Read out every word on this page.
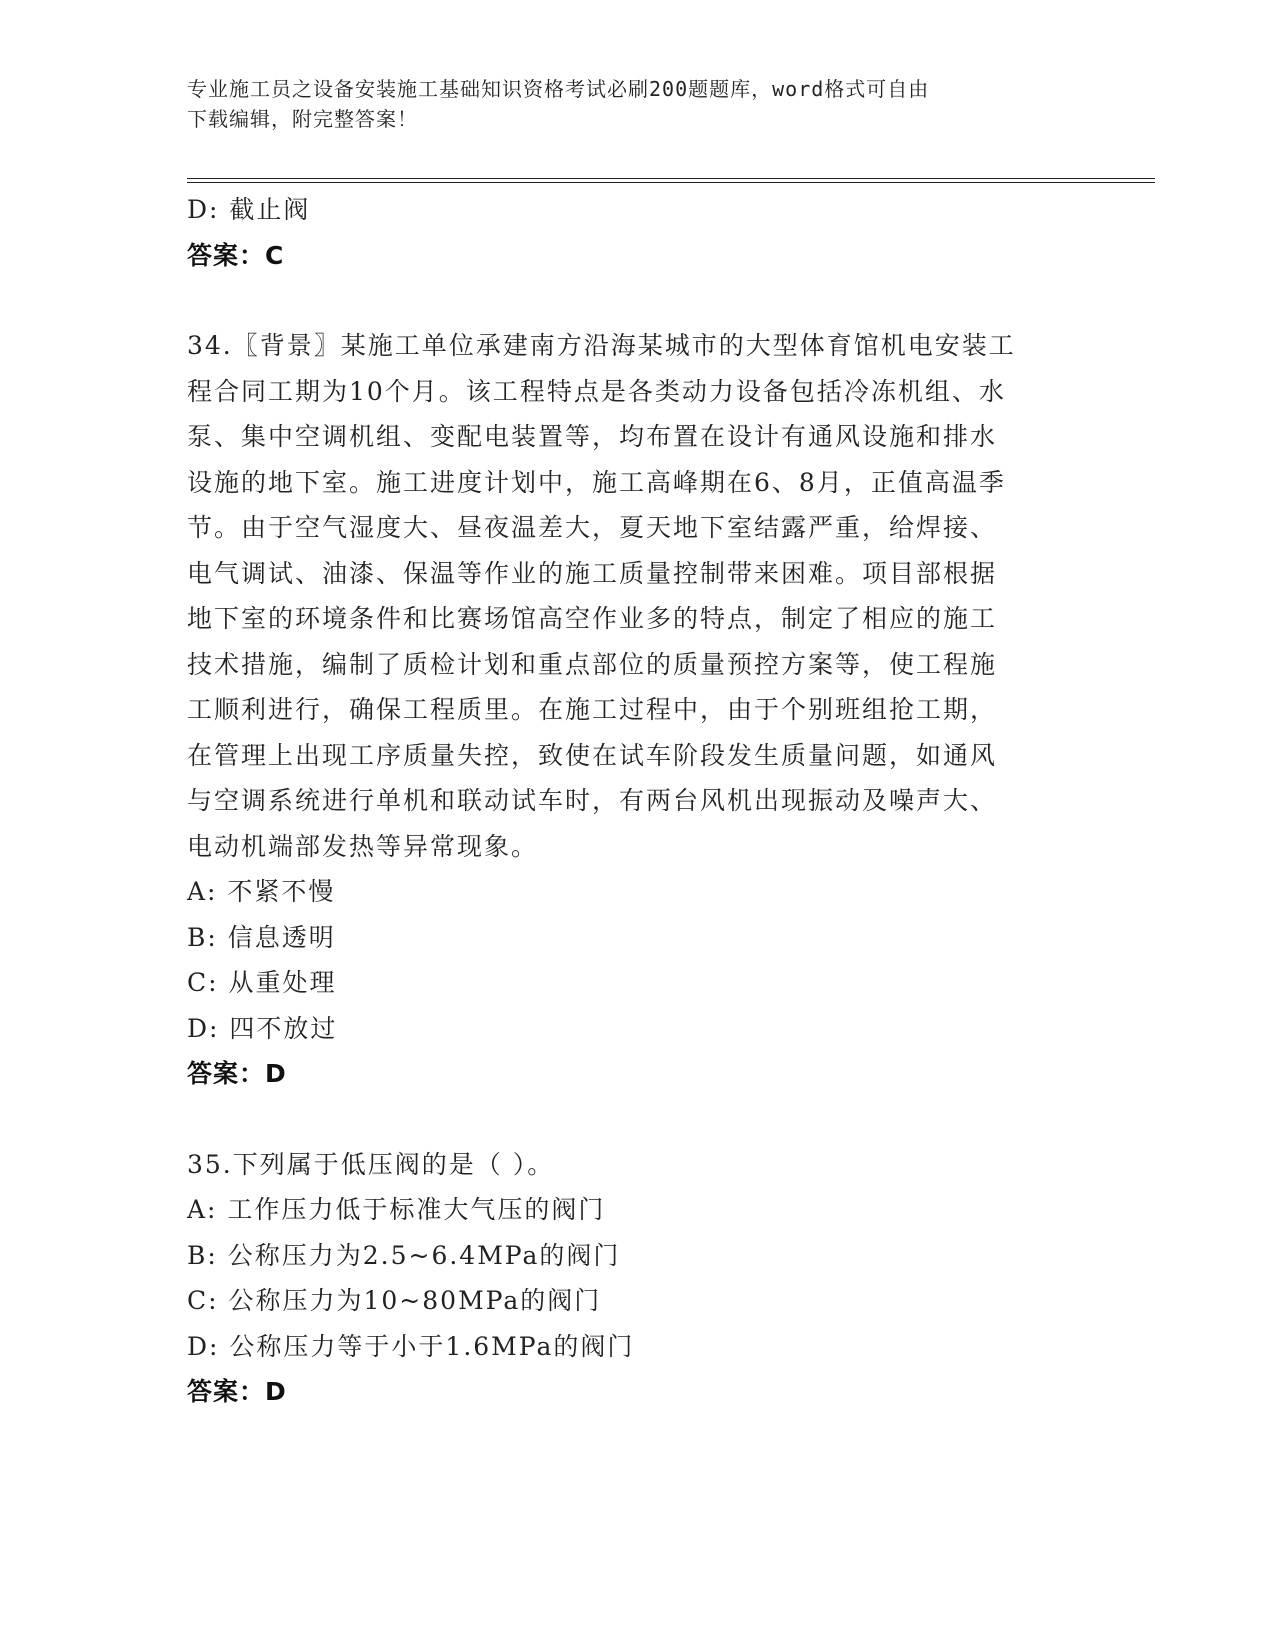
专业施工员之设备安装施工基础知识资格考试必刷200题题库，word格式可自由
下载编辑，附完整答案！
D: 截止阀
答案：C
34.〖背景〗某施工单位承建南方沿海某城市的大型体育馆机电安装工
程合同工期为10个月。该工程特点是各类动力设备包括冷冻机组、水
泵、集中空调机组、变配电装置等，均布置在设计有通风设施和排水
设施的地下室。施工进度计划中，施工高峰期在6、8月，正值高温季
节。由于空气湿度大、昼夜温差大，夏天地下室结露严重，给焊接、
电气调试、油漆、保温等作业的施工质量控制带来困难。项目部根据
地下室的环境条件和比赛场馆高空作业多的特点，制定了相应的施工
技术措施，编制了质检计划和重点部位的质量预控方案等，使工程施
工顺利进行，确保工程质里。在施工过程中，由于个别班组抢工期，
在管理上出现工序质量失控，致使在试车阶段发生质量问题，如通风
与空调系统进行单机和联动试车时，有两台风机出现振动及噪声大、
电动机端部发热等异常现象。
A: 不紧不慢
B: 信息透明
C: 从重处理
D: 四不放过
答案：D
35.下列属于低压阀的是（ ）。
A: 工作压力低于标准大气压的阀门
B: 公称压力为2.5~6.4MPa的阀门
C: 公称压力为10~80MPa的阀门
D: 公称压力等于小于1.6MPa的阀门
答案：D
